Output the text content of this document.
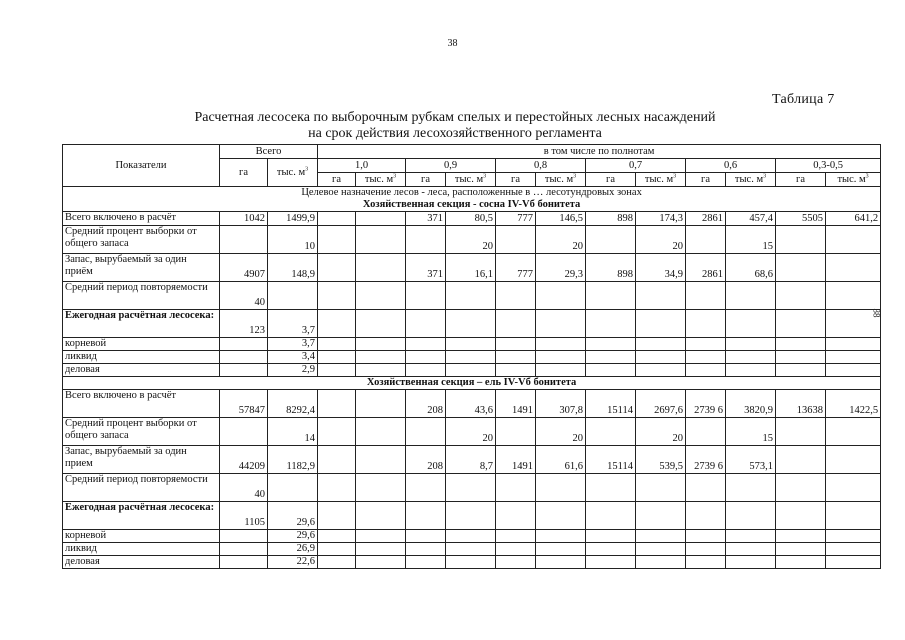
38
Таблица 7
Расчетная лесосека по выборочным рубкам спелых и перестойных лесных насаждений
на срок действия лесохозяйственного регламента
38
Показатели	Всего		в том числе по полнотам											
	га	тыс. $м^3$	1,0		0,9		0,8		0,7		0,6		0,3-0,5	
			га	тыс. $м^3$	га	тыс. $м^3$	га	тыс. $м^3$	га	тыс. $м^3$	га	тыс. $м^3$	га	тыс. $м^3$

Целевое назначение лесов - леса, расположенные в … лесотундровых зонах
Хозяйственная секция - сосна IV-Vб бонитета														

Всего включено в расчёт	1042	1499,9			371	80,5	777	146,5	898	174,3	2861	457,4	5505	641,2
Средний процент выборки от общего запаса		10				20		20		20		15		
Запас, вырубаемый за один приём	4907	148,9			371	16,1	777	29,3	898	34,9	2861	68,6		
Средний период повторяемости	40													
Ежегодная расчётная лесосека:	123	3,7												
корневой		3,7												
ликвид		3,4												
деловая		2,9												
Хозяйственная секция – ель IV-Vб бонитета														
Всего включено в расчёт	57847	8292,4			208	43,6	1491	307,8	15114	2697,6	2739 6	3820,9	13638	1422,5
Средний процент выборки от общего запаса		14				20		20		20		15		
Запас, вырубаемый за один прием	44209	1182,9			208	8,7	1491	61,6	15114	539,5	2739 6	573,1		
Средний период повторяемости	40													
Ежегодная расчётная лесосека:	1105	29,6												
корневой		29,6												
ликвид		26,9												
деловая		22,6												
